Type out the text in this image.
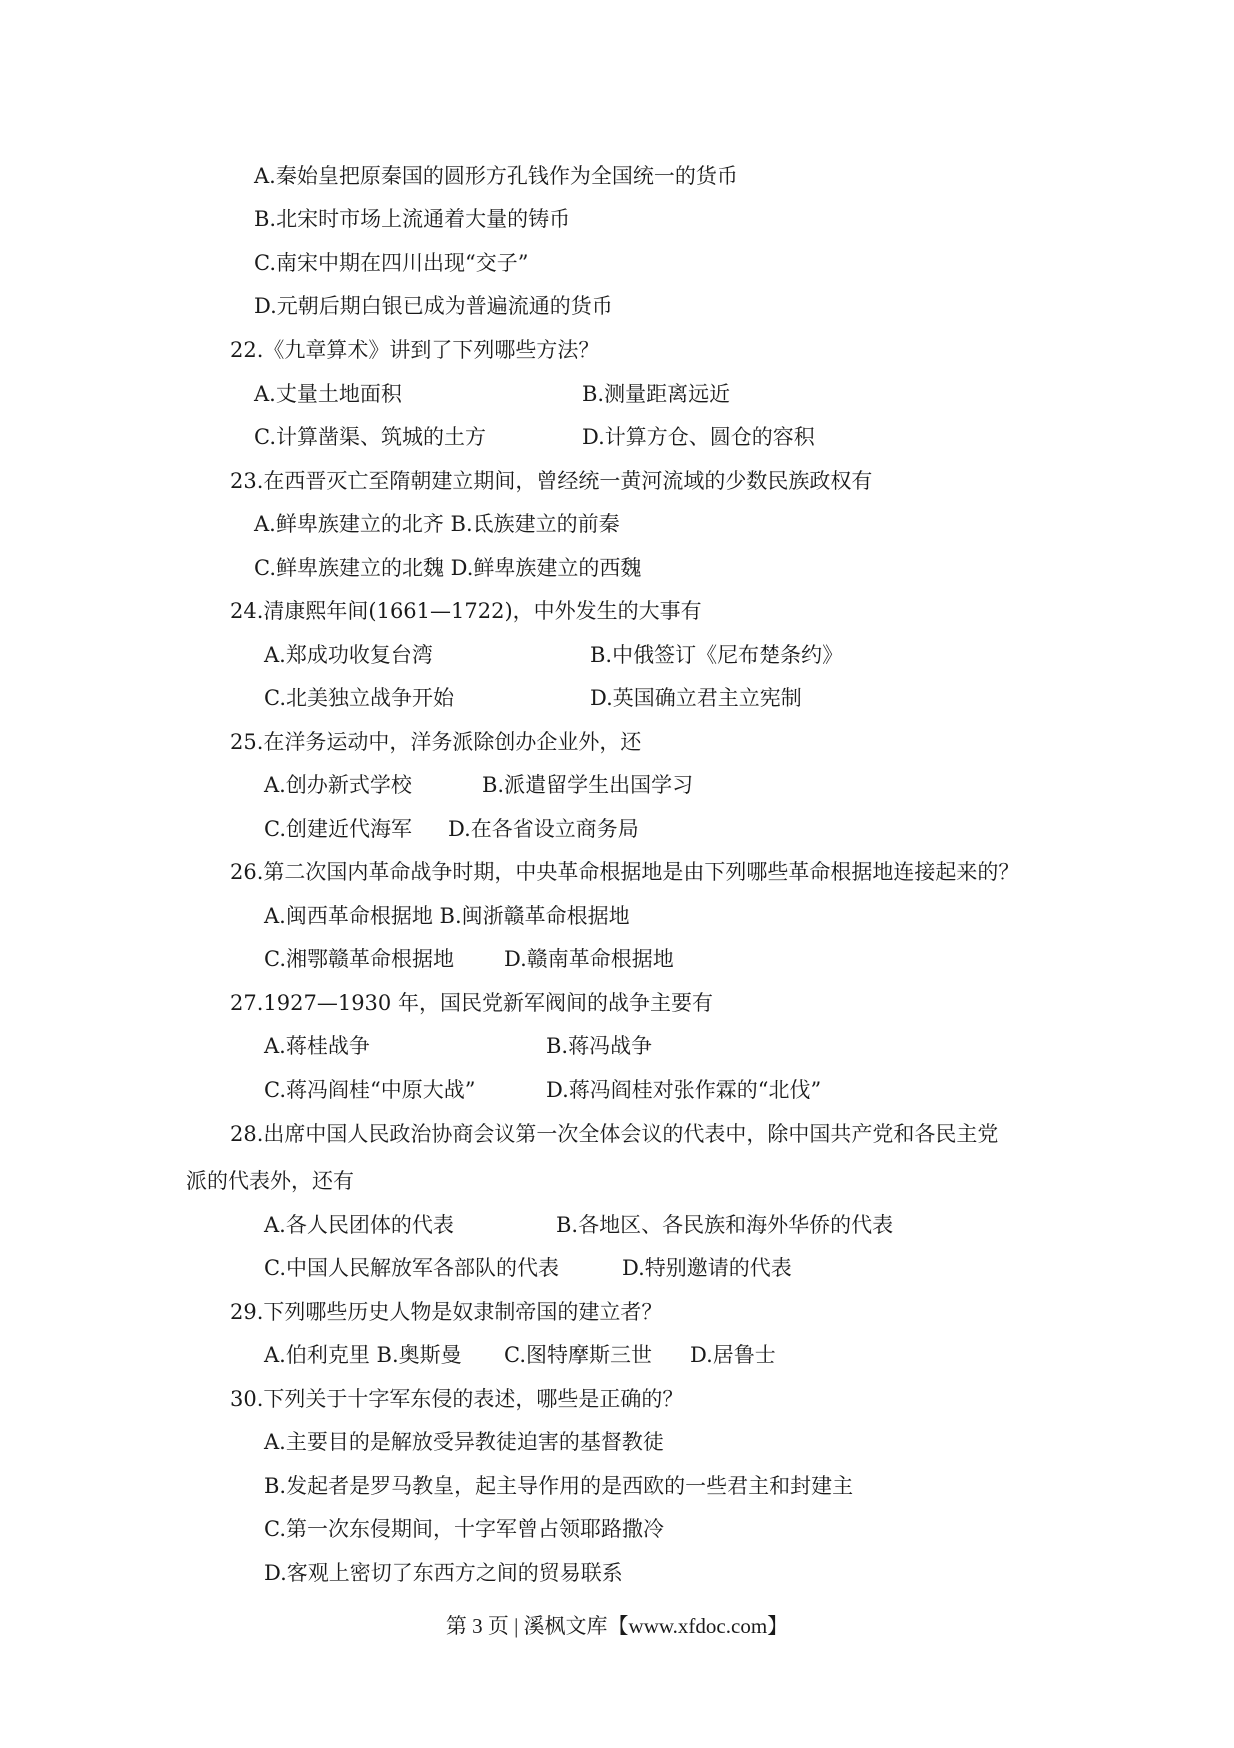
A.秦始皇把原秦国的圆形方孔钱作为全国统一的货币
B.北宋时市场上流通着大量的铸币
C.南宋中期在四川出现“交子”
D.元朝后期白银已成为普遍流通的货币
22.《九章算术》讲到了下列哪些方法？
A.丈量土地面积	B.测量距离远近
C.计算凿渠、筑城的土方	D.计算方仓、圆仓的容积
23.在西晋灭亡至隋朝建立期间，曾经统一黄河流域的少数民族政权有
A.鲜卑族建立的北齐 B.氐族建立的前秦
C.鲜卑族建立的北魏 D.鲜卑族建立的西魏
24.清康熙年间(1661—1722)，中外发生的大事有
A.郑成功收复台湾	B.中俄签订《尼布楚条约》
C.北美独立战争开始	D.英国确立君主立宪制
25.在洋务运动中，洋务派除创办企业外，还
A.创办新式学校	B.派遣留学生出国学习
C.创建近代海军 D.在各省设立商务局
26.第二次国内革命战争时期，中央革命根据地是由下列哪些革命根据地连接起来的？
A.闽西革命根据地 B.闽浙赣革命根据地
C.湘鄂赣革命根据地 D.赣南革命根据地
27.1927—1930 年，国民党新军阀间的战争主要有
A.蒋桂战争	B.蒋冯战争
C.蒋冯阎桂“中原大战”	D.蒋冯阎桂对张作霖的“北伐”
28.出席中国人民政治协商会议第一次全体会议的代表中，除中国共产党和各民主党
派的代表外，还有
A.各人民团体的代表	B.各地区、各民族和海外华侨的代表
C.中国人民解放军各部队的代表	D.特别邀请的代表
29.下列哪些历史人物是奴隶制帝国的建立者？
A.伯利克里 B.奥斯曼 C.图特摩斯三世 D.居鲁士
30.下列关于十字军东侵的表述，哪些是正确的？
A.主要目的是解放受异教徒迫害的基督教徒
B.发起者是罗马教皇，起主导作用的是西欧的一些君主和封建主
C.第一次东侵期间，十字军曾占领耶路撒冷
D.客观上密切了东西方之间的贸易联系
第 3 页 | 溪枫文库【www.xfdoc.com】
